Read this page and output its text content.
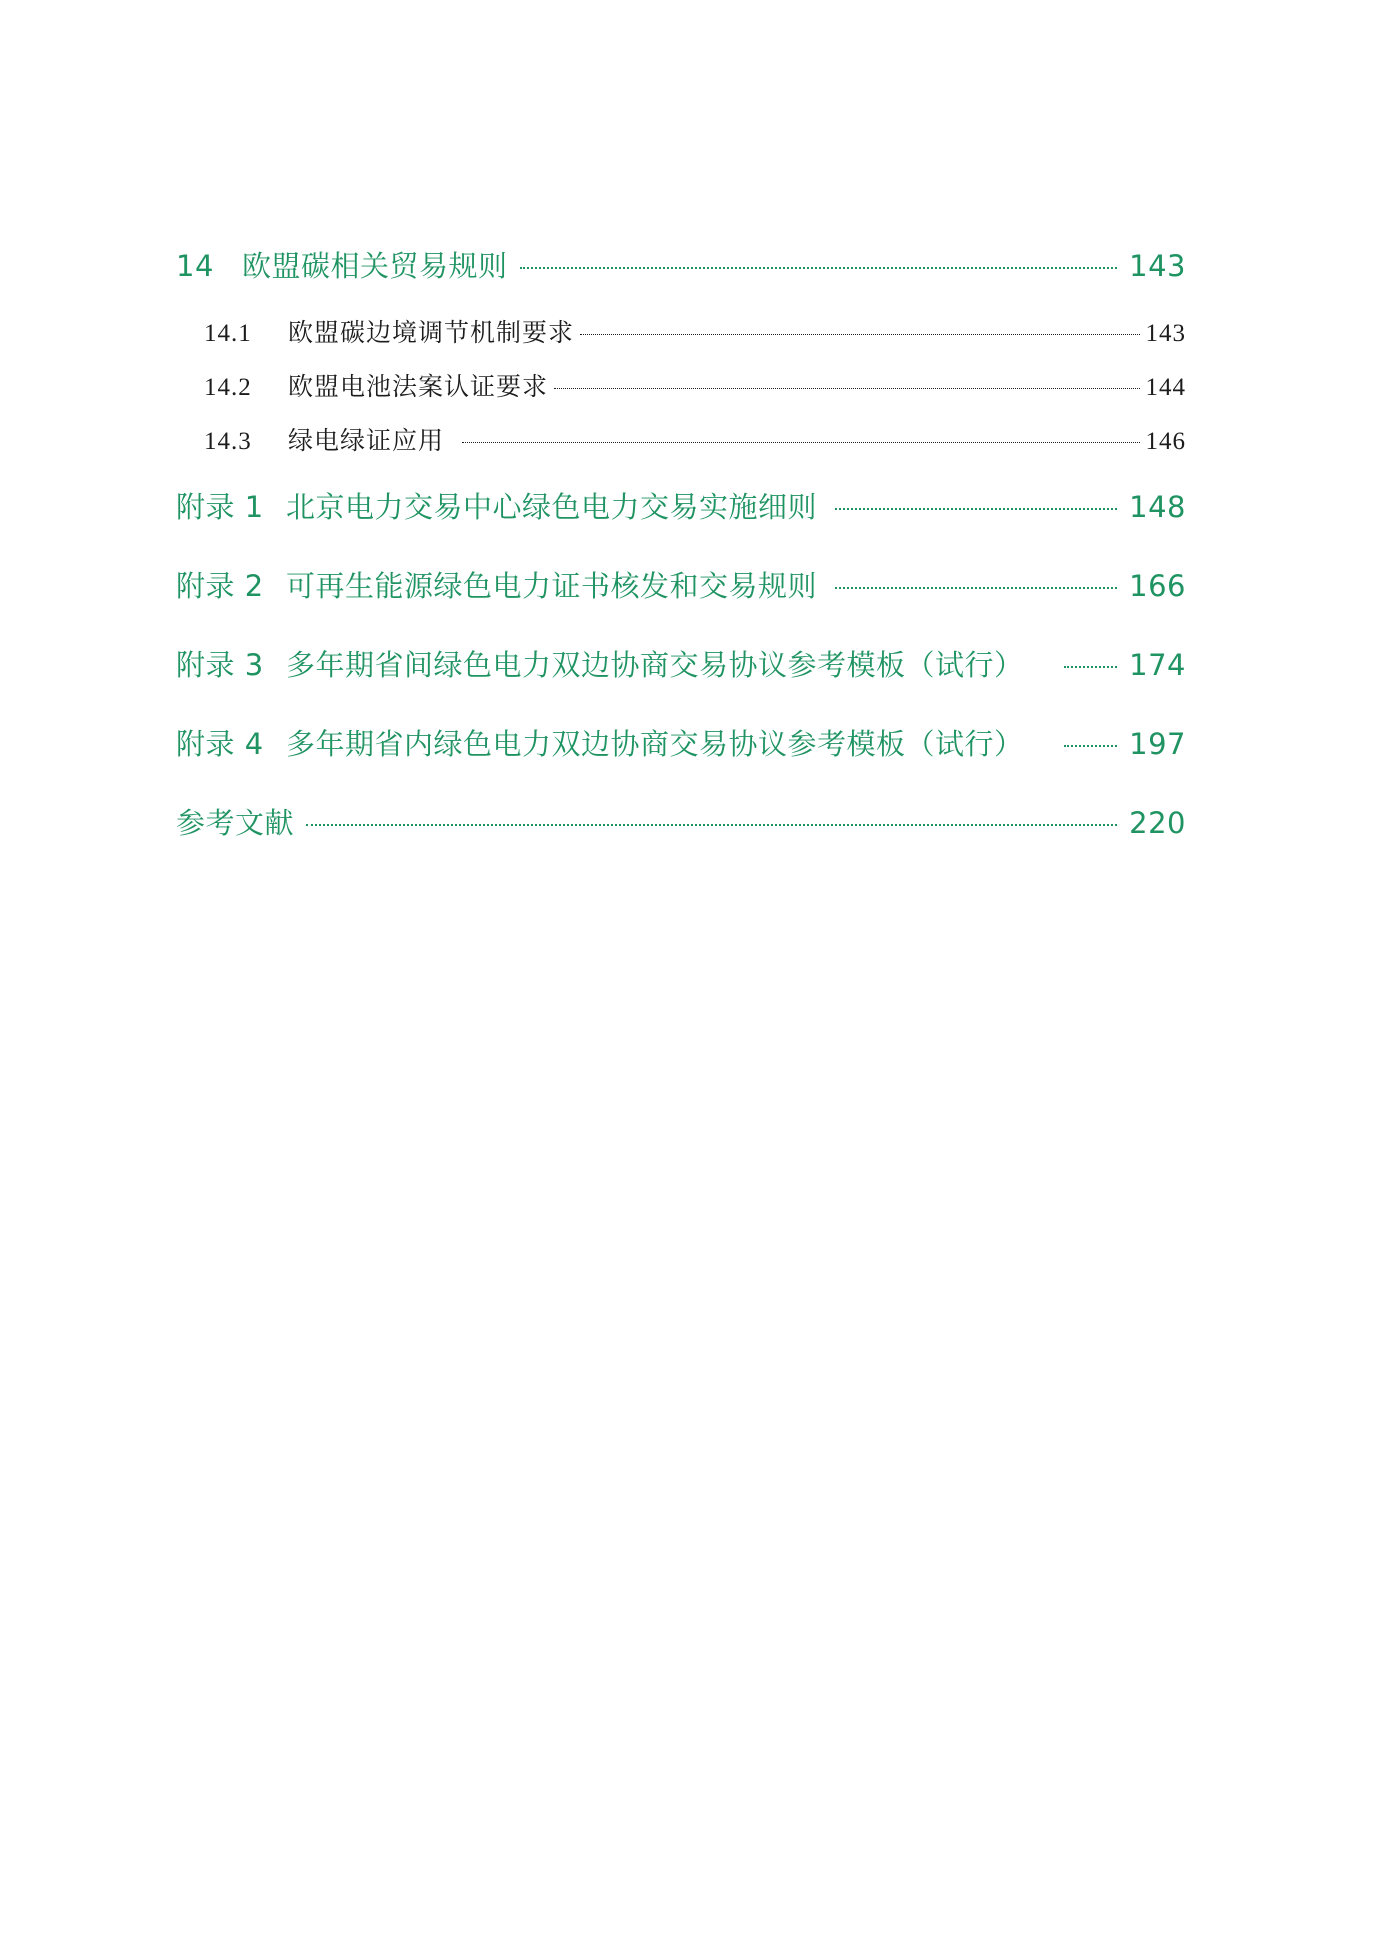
14 欧盟碳相关贸易规则	143
14.1	欧盟碳边境调节机制要求	143
14.2	欧盟电池法案认证要求	144
14.3	绿电绿证应用	146
附录 1 北京电力交易中心绿色电力交易实施细则	148
附录 2 可再生能源绿色电力证书核发和交易规则	166
附录 3 多年期省间绿色电力双边协商交易协议参考模板（试行）	174
附录 4 多年期省内绿色电力双边协商交易协议参考模板（试行）	197
参考文献	220
